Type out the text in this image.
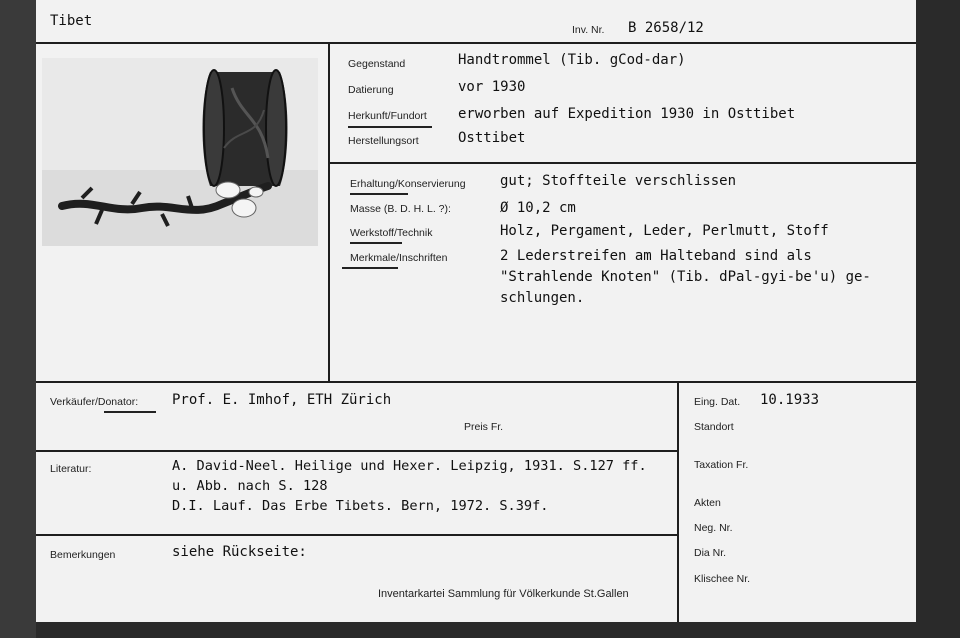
Tibet
Inv. Nr. B 2658/12
Gegenstand	Handtrommel (Tib. gCod-dar)
Datierung	vor 1930
Herkunft/Fundort erworben auf Expedition 1930 in Osttibet
Herstellungsort	Osttibet
Erhaltung/Konservierung gut; Stoffteile verschlissen
Masse (B. D. H. L. ?):	Ø 10,2 cm
Werkstoff/Technik	Holz, Pergament, Leder, Perlmutt, Stoff
Merkmale/Inschriften	2 Lederstreifen am Halteband sind als
"Strahlende Knoten" (Tib. dPal-gyi-be'u) ge-
schlungen.
Verkäufer/Donator: Prof. E. Imhof, ETH Zürich
Preis Fr.
Literatur:	A. David-Neel. Heilige und Hexer. Leipzig, 1931. S.127 ff.
u. Abb. nach S. 128
D.I. Lauf. Das Erbe Tibets. Bern, 1972. S.39f.
Bemerkungen	siehe Rückseite:
Eing. Dat. 10.1933
Standort
Taxation Fr.
Akten
Neg. Nr.
Dia Nr.
Klischee Nr.
Inventarkartei Sammlung für Völkerkunde St.Gallen
